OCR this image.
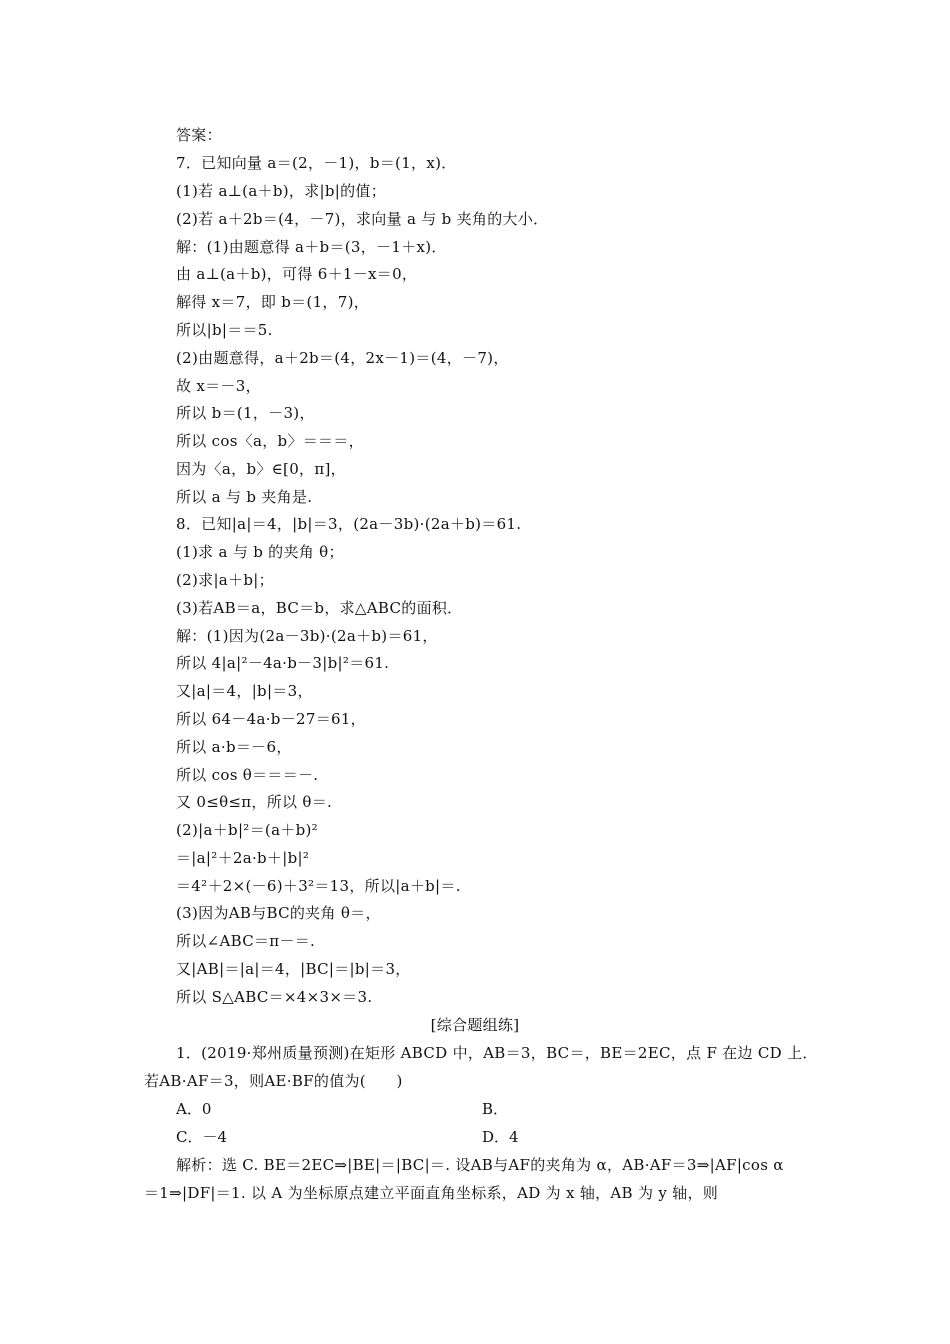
答案：
7．已知向量 a＝(2，－1)，b＝(1，x)．
(1)若 a⊥(a＋b)，求|b|的值；
(2)若 a＋2b＝(4，－7)，求向量 a 与 b 夹角的大小．
解：(1)由题意得 a＋b＝(3，－1＋x)．
由 a⊥(a＋b)，可得 6＋1－x＝0，
解得 x＝7，即 b＝(1，7)，
所以|b|＝＝5.
(2)由题意得，a＋2b＝(4，2x－1)＝(4，－7)，
故 x＝－3，
所以 b＝(1，－3)，
所以 cos〈a，b〉＝＝＝，
因为〈a，b〉∈[0，π]，
所以 a 与 b 夹角是.
8．已知|a|＝4，|b|＝3，(2a－3b)·(2a＋b)＝61.
(1)求 a 与 b 的夹角 θ；
(2)求|a＋b|；
(3)若AB＝a，BC＝b，求△ABC的面积．
解：(1)因为(2a－3b)·(2a＋b)＝61，
所以 4|a|²－4a·b－3|b|²＝61.
又|a|＝4，|b|＝3，
所以 64－4a·b－27＝61，
所以 a·b＝－6，
所以 cos θ＝＝＝－.
又 0≤θ≤π，所以 θ＝.
(2)|a＋b|²＝(a＋b)²
＝|a|²＋2a·b＋|b|²
＝4²＋2×(－6)＋3²＝13，所以|a＋b|＝.
(3)因为AB与BC的夹角 θ＝，
所以∠ABC＝π－＝.
又|AB|＝|a|＝4，|BC|＝|b|＝3，
所以 S△ABC＝×4×3×＝3.
[综合题组练]
1．(2019·郑州质量预测)在矩形 ABCD 中，AB＝3，BC＝，BE＝2EC，点 F 在边 CD 上．
若AB·AF＝3，则AE·BF的值为(　　)
A．0	B．
C．－4	D．4
解析：选 C. BE＝2EC⇒|BE|＝|BC|＝. 设AB与AF的夹角为 α，AB·AF＝3⇒|AF|cos α
＝1⇒|DF|＝1. 以 A 为坐标原点建立平面直角坐标系，AD 为 x 轴，AB 为 y 轴，则
